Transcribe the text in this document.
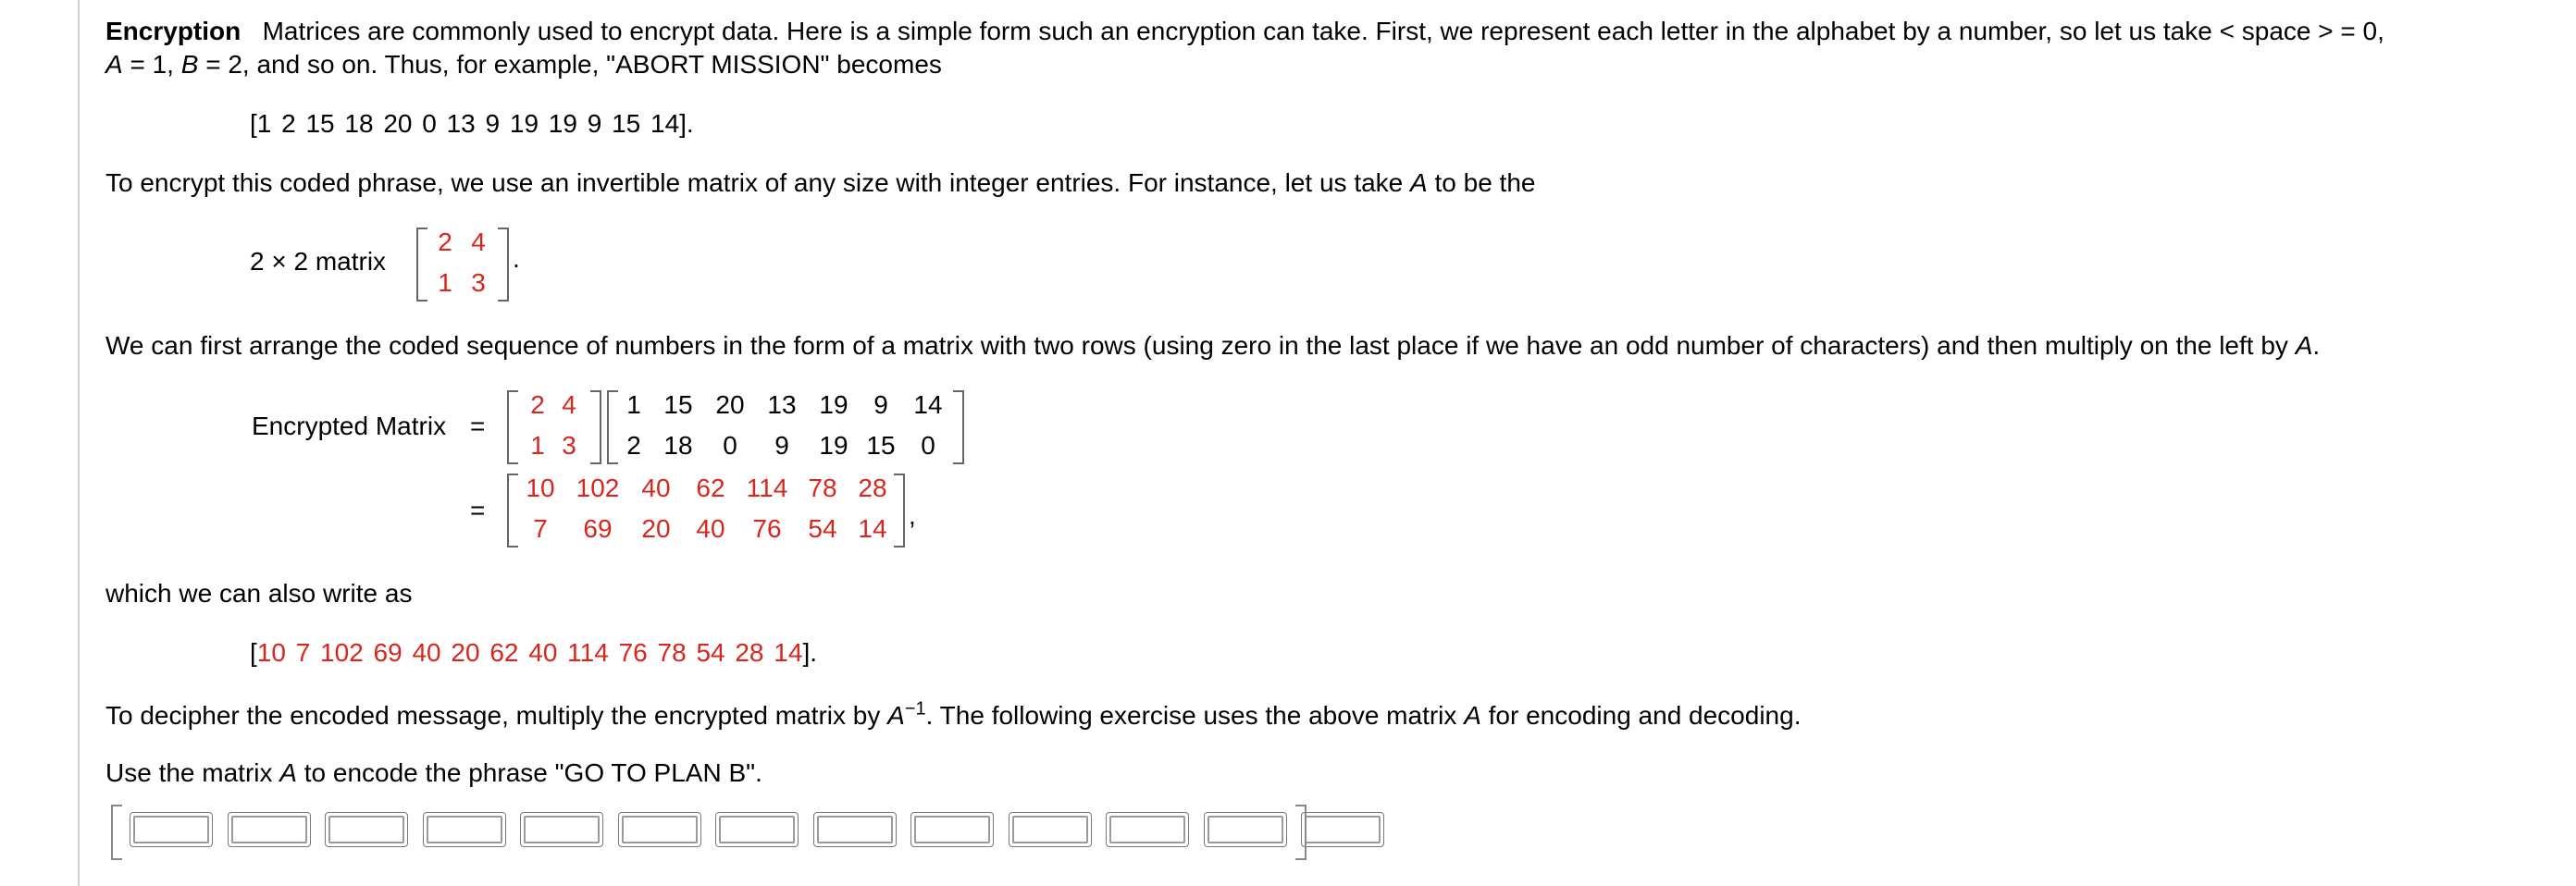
Encryption Matrices are commonly used to encrypt data. Here is a simple form such an encryption can take. First, we represent each letter in the alphabet by a number, so let us take < space > = 0,
A = 1, B = 2, and so on. Thus, for example, "ABORT MISSION" becomes
[1 2 15 18 20 0 13 9 19 19 9 15 14].
To encrypt this coded phrase, we use an invertible matrix of any size with integer entries. For instance, let us take A to be the
2 × 2 matrix
2 4
1 3
.
We can first arrange the coded sequence of numbers in the form of a matrix with two rows (using zero in the last place if we have an odd number of characters) and then multiply on the left by A.
Encrypted Matrix =
2 4
1 3
1 15 20 13 19 9 14
2 18	0	9	19 15 0
=
10 102 40 62 114 78 28
7	69	20 40	76	54 14 ,
which we can also write as
[10 7 102 69 40 20 62 40 114 76 78 54 28 14].
To decipher the encoded message, multiply the encrypted matrix by $A^{-1}$. The following exercise uses the above matrix A for encoding and decoding.
Use the matrix A to encode the phrase "GO TO PLAN B".
